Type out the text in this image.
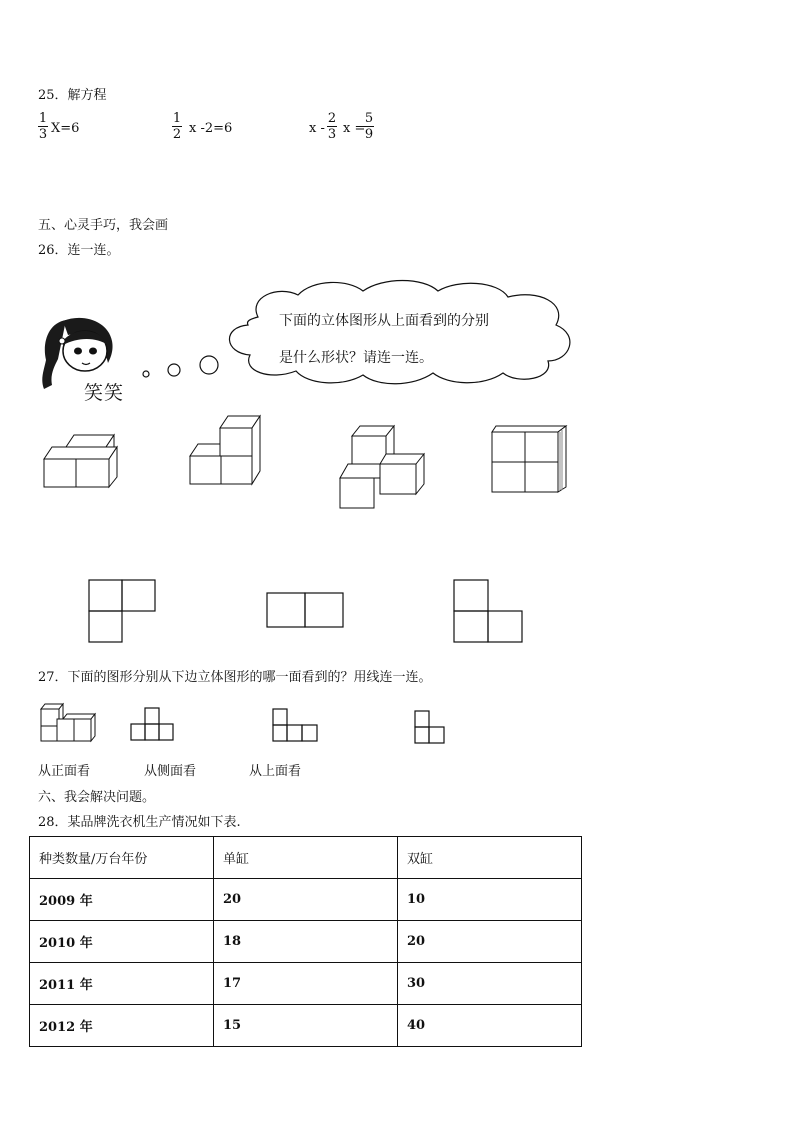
25．解方程
1
3 X=6
1
2 x -2=6	x -
2
3 x =
5
9
五、心灵手巧，我会画
26．连一连。
笑笑
下面的立体图形从上面看到的分别
是什么形状？请连一连。
27．下面的图形分别从下边立体图形的哪一面看到的？用线连一连。
从正面看	从侧面看	从上面看
六、我会解决问题。
28．某品牌洗衣机生产情况如下表.
种类数量/万台年份	单缸	双缸
2009 年	20	10
2010 年	18	20
2011 年	17	30
2012 年	15	40
